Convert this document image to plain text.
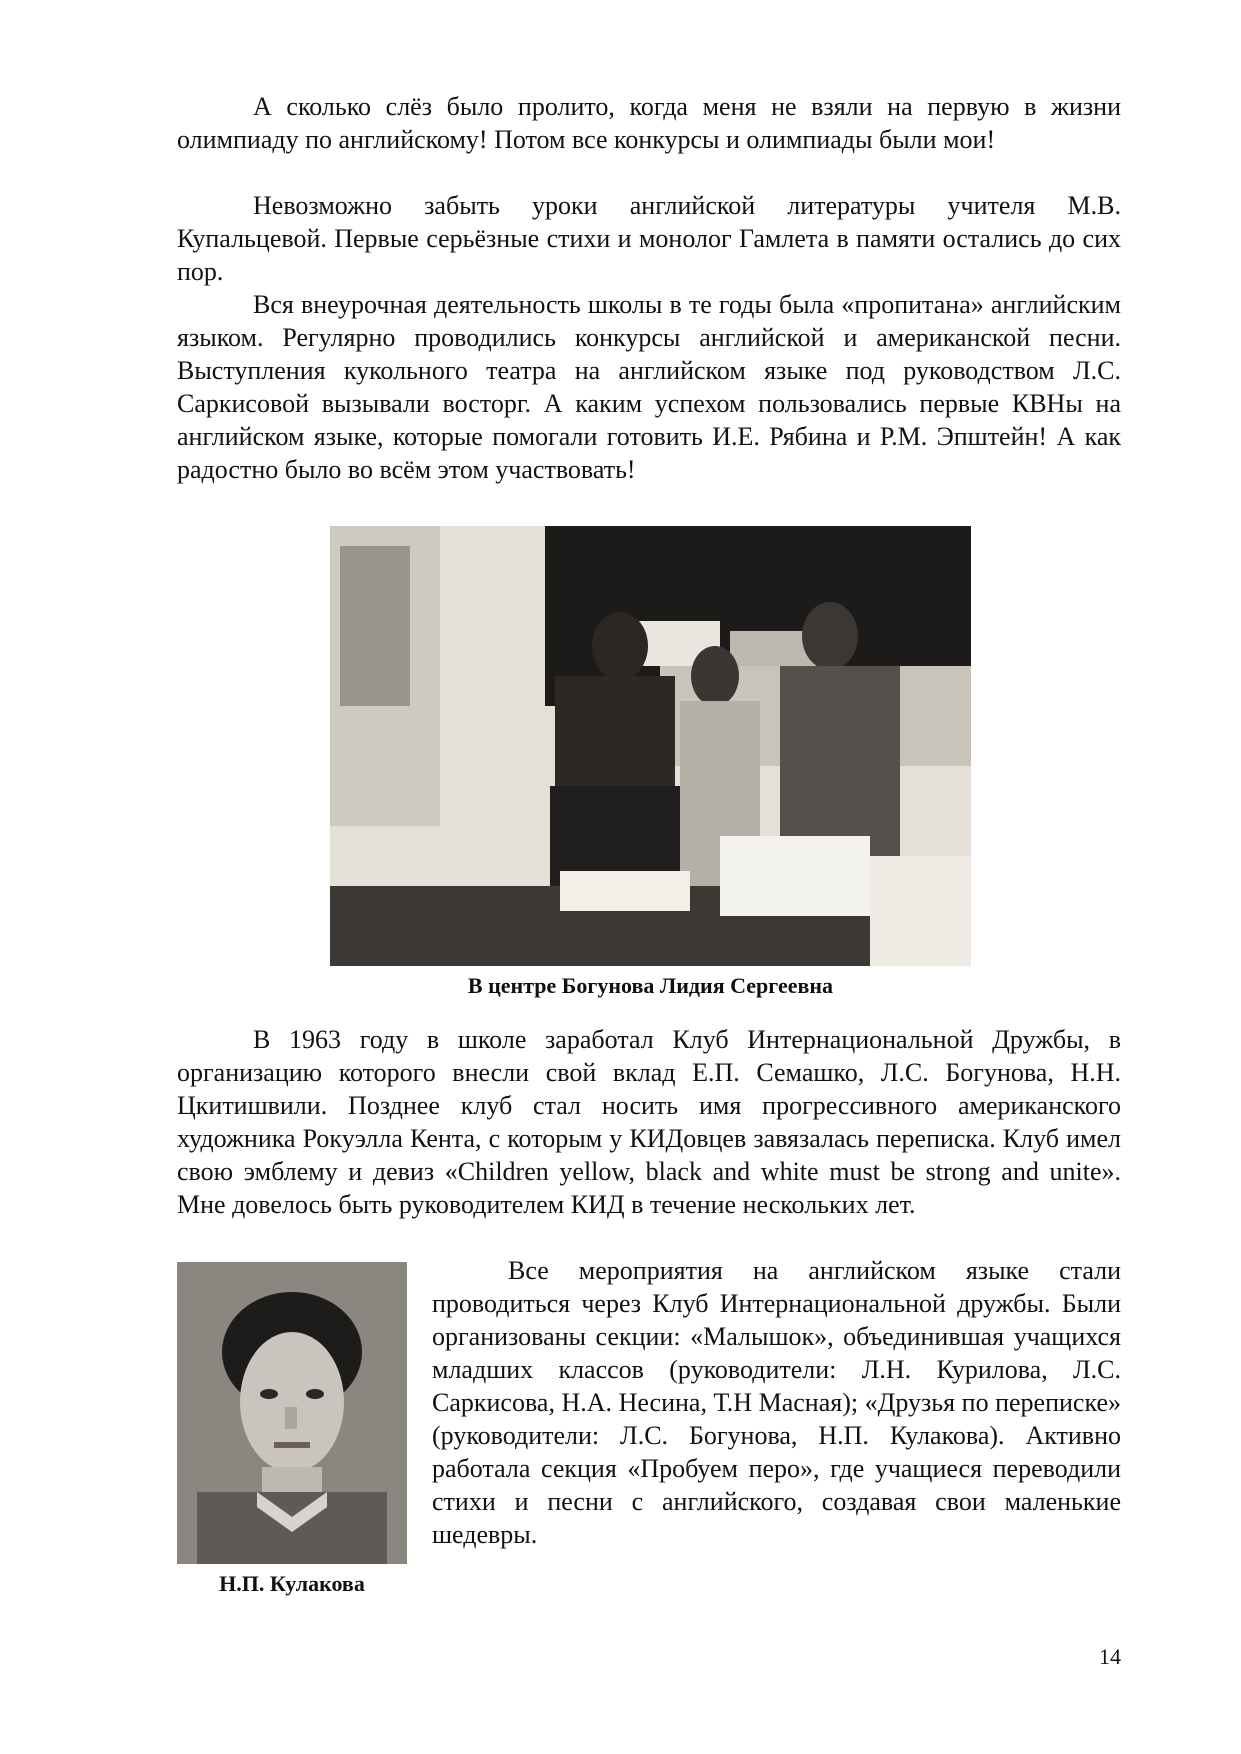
А сколько слёз было пролито, когда меня не взяли на первую в жизни олимпиаду по английскому! Потом все конкурсы и олимпиады были мои!

Невозможно забыть уроки английской литературы учителя М.В. Купальцевой. Первые серьёзные стихи и монолог Гамлета в памяти остались до сих пор.

Вся внеурочная деятельность школы в те годы была «пропитана» английским языком. Регулярно проводились конкурсы английской и американской песни. Выступления кукольного театра на английском языке под руководством Л.С. Саркисовой вызывали восторг. А каким успехом пользовались первые КВНы на английском языке, которые помогали готовить И.Е. Рябина и Р.М. Эпштейн! А как радостно было во всём этом участвовать!

В центре Богунова Лидия Сергеевна

В 1963 году в школе заработал Клуб Интернациональной Дружбы, в организацию которого внесли свой вклад Е.П. Семашко, Л.С. Богунова, Н.Н. Цкитишвили. Позднее клуб стал носить имя прогрессивного американского художника Рокуэлла Кента, с которым у КИДовцев завязалась переписка. Клуб имел свою эмблему и девиз «Children yellow, black and white must be strong and unite». Мне довелось быть руководителем КИД в течение нескольких лет.

Н.П. Кулакова

Все мероприятия на английском языке стали проводиться через Клуб Интернациональной дружбы. Были организованы секции: «Малышок», объединившая учащихся младших классов (руководители: Л.Н. Курилова, Л.С. Саркисова, Н.А. Несина, Т.Н Масная); «Друзья по переписке» (руководители: Л.С. Богунова, Н.П. Кулакова). Активно работала секция «Пробуем перо», где учащиеся переводили стихи и песни с английского, создавая свои маленькие шедевры.

14
